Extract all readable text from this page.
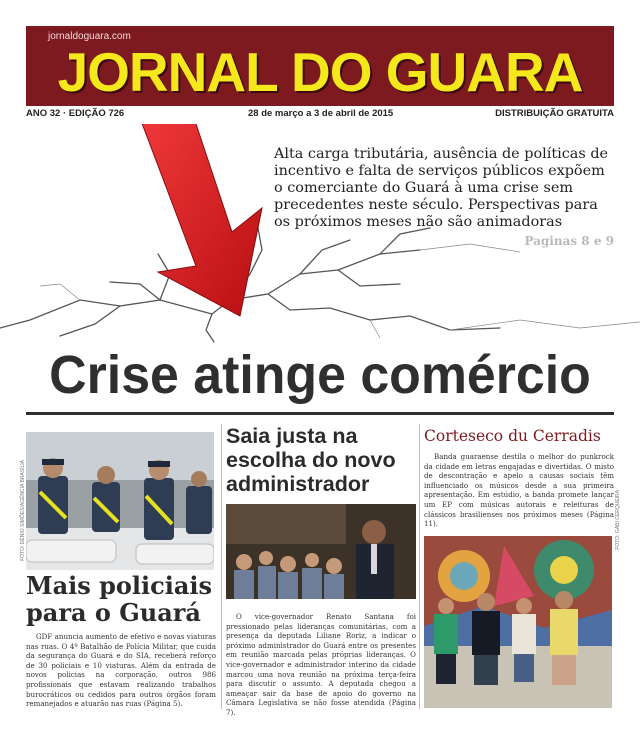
jornaldoguara.com
JORNAL DO GUARA
ANO 32 · EDIÇÃO 726	28 de março a 3 de abril de 2015	DISTRIBUIÇÃO GRATUITA
Alta carga tributária, ausência de políticas de incentivo e falta de serviços públicos expõem o comerciante do Guará à uma crise sem precedentes neste século. Perspectivas para os próximos meses não são animadoras
Paginas 8 e 9
Crise atinge comércio
FOTO: DÊNIO SIMÕES/AGÊNCIA BRASÍLIA
Mais policiais para o Guará
GDF anuncia aumento de efetivo e novas viaturas nas ruas. O 4º Batalhão de Polícia Militar, que cuida da segurança do Guará e do SIA, receberá reforço de 30 policiais e 10 viaturas. Além da entrada de novos policias na corporação, outros 986 profissionais que estavam realizando trabalhos burocráticos ou cedidos para outros órgãos foram remanejados e atuarão nas ruas (Página 5).
Saia justa na escolha do novo administrador
O vice-governador Renato Santana foi pressionado pelas lideranças comunitárias, com a presença da deputada Liliane Roriz, a indicar o próximo administrador do Guará entre os presentes em reunião marcada pelas próprias lideranças. O vice-governador e administrador interino da cidade marcou uma nova reunião na próxima terça-feira para discutir o assunto. A deputada chegou a ameaçar sair da base de apoio do governo na Câmara Legislativa se não fosse atendida (Página 7).
Corteseco du Cerradis
Banda guaraense destila o melhor do punkrock da cidade em letras engajadas e divertidas. O misto de descontração e apelo a causas sociais têm influenciado os músicos desde a sua primeira apresentação. Em estúdio, a banda promete lançar um EP com músicas autorais e releituras de clássicos brasilienses nos próximos meses (Página 11).	FOTO: GABI CERQUEIRA
